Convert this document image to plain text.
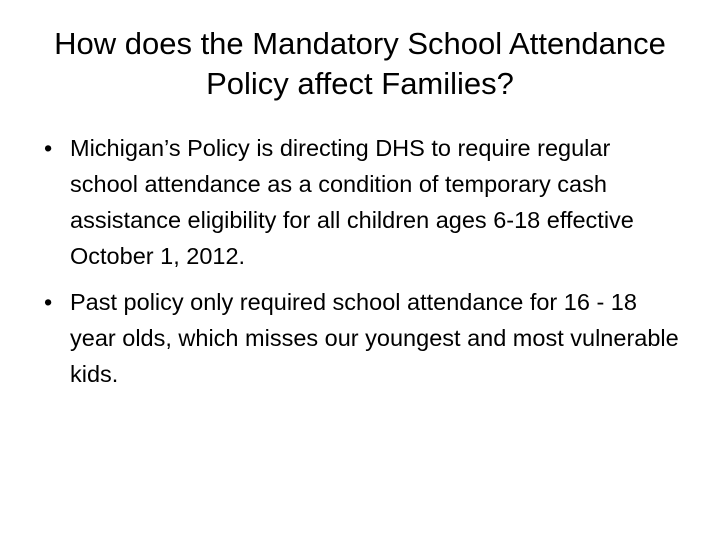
How does the Mandatory School Attendance Policy affect Families?
• Michigan’s Policy is directing DHS to require regular school attendance as a condition of temporary cash assistance eligibility for all children ages 6-18 effective October 1, 2012.
• Past policy only required school attendance for 16 - 18 year olds, which misses our youngest and most vulnerable kids.
